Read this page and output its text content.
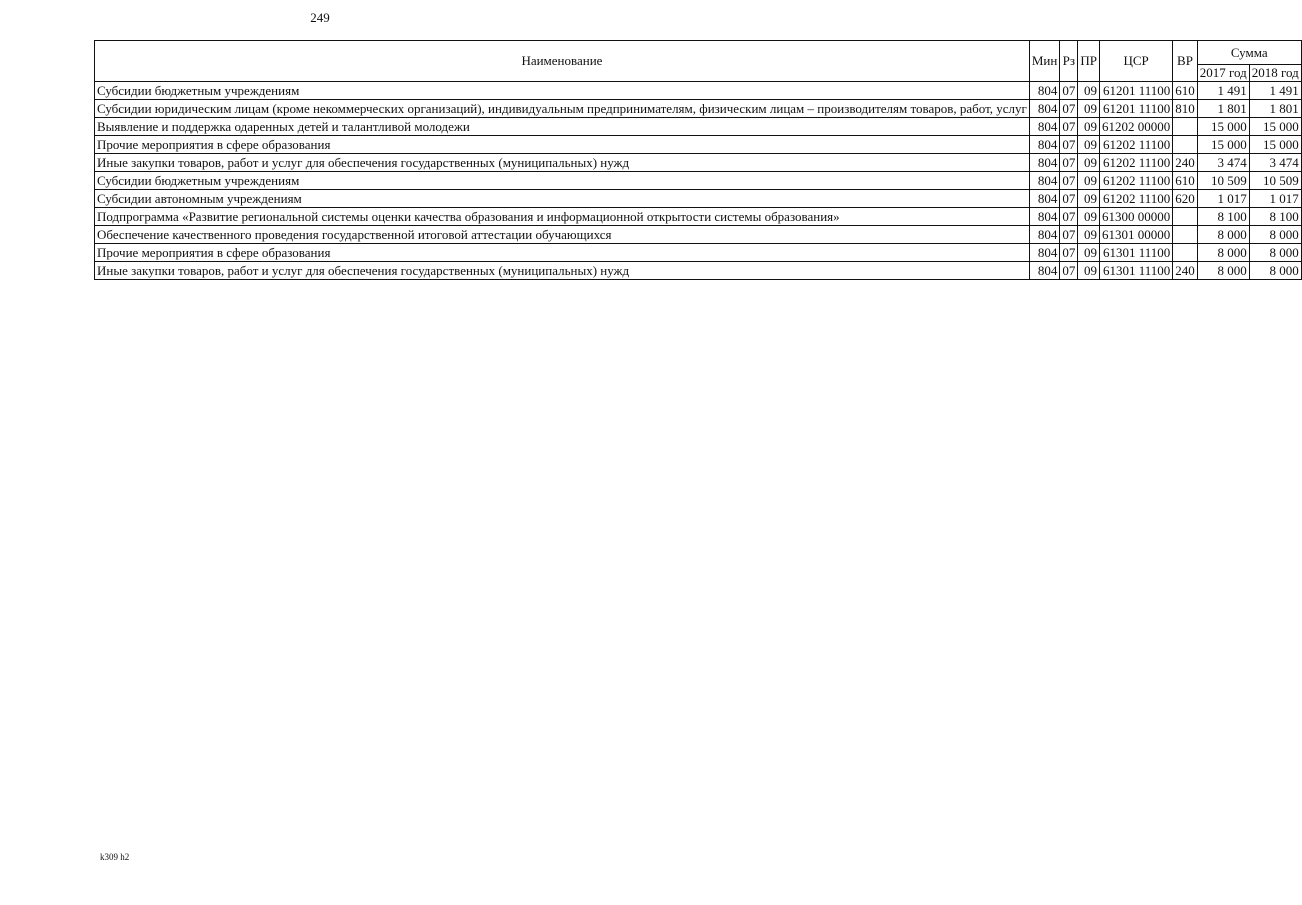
249
Наименование	Мин	Рз	ПР	ЦСР	ВР	Сумма	
						2017 год	2018 год
Субсидии бюджетным учреждениям	804	07	09	61201 11100	610	1 491	1 491
Субсидии юридическим лицам (кроме некоммерческих организаций), индивидуальным предпринимателям, физическим лицам – производителям товаров, работ, услуг	804	07	09	61201 11100	810	1 801	1 801
Выявление и поддержка одаренных детей и талантливой молодежи	804	07	09	61202 00000		15 000	15 000
Прочие мероприятия в сфере образования	804	07	09	61202 11100		15 000	15 000
Иные закупки товаров, работ и услуг для обеспечения государственных (муниципальных) нужд	804	07	09	61202 11100	240	3 474	3 474
Субсидии бюджетным учреждениям	804	07	09	61202 11100	610	10 509	10 509
Субсидии автономным учреждениям	804	07	09	61202 11100	620	1 017	1 017
Подпрограмма «Развитие региональной системы оценки качества образования и информационной открытости системы образования»	804	07	09	61300 00000		8 100	8 100
Обеспечение качественного проведения государственной итоговой аттестации обучающихся	804	07	09	61301 00000		8 000	8 000
Прочие мероприятия в сфере образования	804	07	09	61301 11100		8 000	8 000
Иные закупки товаров, работ и услуг для обеспечения государственных (муниципальных) нужд	804	07	09	61301 11100	240	8 000	8 000
k309 h2
